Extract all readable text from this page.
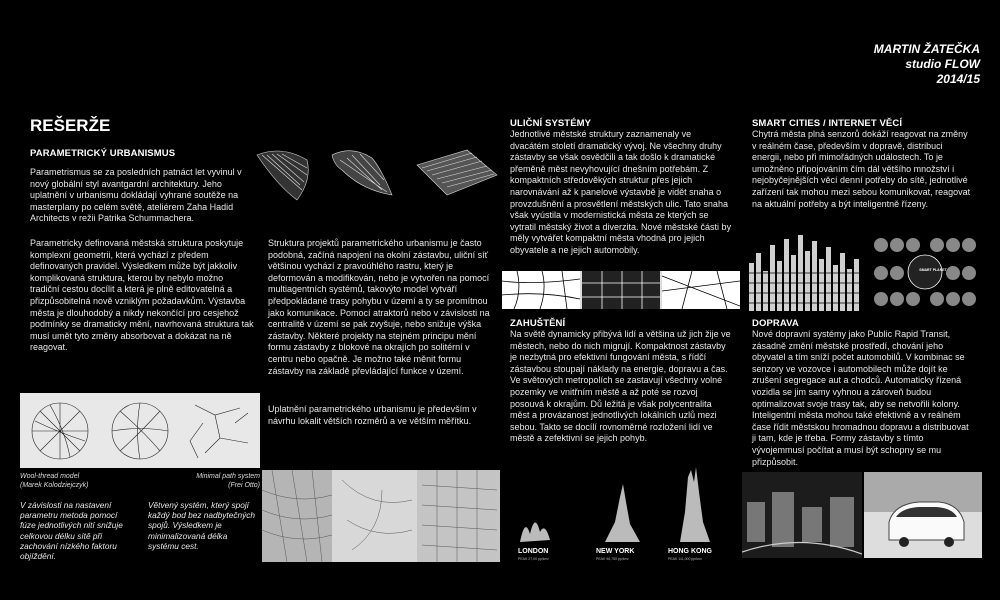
MARTIN ŽATEČKA
studio FLOW
2014/15
REŠERŽE
PARAMETRICKÝ URBANISMUS
Parametrismus se za posledních patnáct let vyvinul v nový globální styl avantgardní architektury. Jeho uplatnění v urbanismu dokládají vyhrané soutěže na masterplany po celém světě, ateliérem Zaha Hadid Architects v režii Patrika Schummachera.
Parametricky definovaná městská struktura poskytuje komplexní geometrii, která vychází z předem definovaných pravidel. Výsledkem může být jakkoliv komplikovaná struktura, kterou by nebylo možno tradiční cestou docílit a která je plně editovatelná a přizpůsobitelná nově vzniklým požadavkům. Výstavba města je dlouhodobý a nikdy nekončící pro cesjehož podmínky se dramaticky mění, navrhovaná struktura tak musí umět tyto změny absorbovat a dokázat na ně reagovat.
Struktura projektů parametrického urbanismu je často podobná, začíná napojení na okolní zástavbu, uliční síť většinou vychází z pravoúhlého rastru, který je deformován a modifikován, nebo je vytvořen na pomocí multiagentních systémů, takovýto model vytváří předpokládané trasy pohybu v území a ty se promítnou jako komunikace. Pomocí atraktorů nebo v závislosti na centralitě v území se pak zvyšuje, nebo snižuje výška zástavby. Některé projekty na stejném principu mění formu zástavby z blokové na okrajích po solitérní v centru nebo opačně. Je možno také měnit formu zástavby na základě převládající funkce v území.
Uplatnění parametrického urbanismu je především v návrhu lokalit větších rozměrů a ve větším měřítku.
Wool-thread model
(Marek Kolodziejczyk)
Minimal path system
(Frei Otto)
V závislosti na nastavení parametru metoda pomocí fúze jednotlivých nití snižuje celkovou délku sítě při zachování nízkého faktoru objíždění.
Větvený systém, který spojí každý bod bez nadbytečných spojů. Výsledkem je minimalizovaná délka systému cest.
ULIČNÍ SYSTÉMY
Jednotlivé městské struktury zaznamenaly ve dvacátém století dramatický vývoj. Ne všechny druhy zástavby se však osvědčili a tak došlo k dramatické přeměně měst nevyhovující dnešním potřebám. Z kompaktních středověkých struktur přes jejich narovnávání až k panelové výstavbě je vidět snaha o provzdušnění a prosvětlení městských ulic. Tato snaha však vyústila v modernistická města ze kterých se vytratil městský život a diverzita. Nové městské části by měly vytvářet kompaktní města vhodná pro jejich obyvatele a ne jejich automobily.
ZAHUŠTĚNÍ
Na světě dynamicky přibývá lidí a většina už jich žije ve městech, nebo do nich migrují. Kompaktnost zástavby je nezbytná pro efektivní fungování města, s řídčí zástavbou stoupají náklady na energie, dopravu a čas. Ve světových metropolích se zastavují všechny volné pozemky ve vnitřním městě a až poté se rozvoj posouvá k okrajům. Dů ležitá je však polycentralita měst a provázanost jednotlivých lokálních uzlů mezi sebou. Takto se docílí rovnoměrné rozložení lidí ve městě a zefektivní se jejich pohyb.
LONDON
PEAK 27,00 pp/km²
NEW YORK
PEAK 96,750 pp/km²
HONG KONG
PEAK 111,000 pp/km²
SMART CITIES / INTERNET VĚCÍ
Chytrá města plná senzorů dokáží reagovat na změny v reálném čase, především v dopravě, distribuci energii, nebo při mimořádných událostech. To je umožněno připojováním čím dál většího množství i nejobyčejnějších věcí denní potřeby do sítě, jednotlivé zařízení tak mohou mezi sebou komunikovat, reagovat na aktuální potřeby a být inteligentně řízeny.
SMART PLANET
DOPRAVA
Nové dopravní systémy jako Public Rapid Transit, zásadně změní městské prostředí, chování jeho obyvatel a tím sníží počet automobilů. V kombinac se senzory ve vozovce i automobilech může dojít ke zrušení segregace aut a chodců. Automaticky řízená vozidla se jim samy vyhnou a zároveň budou optimalizovat svoje trasy tak, aby se netvořili kolony. Inteligentní města mohou také efektivně a v reálném čase řídit městskou hromadnou dopravu a distribuovat ji tam, kde je třeba. Formy zástavby s tímto vývojemmusí počítat a musí být schopny se mu přizpůsobit.
